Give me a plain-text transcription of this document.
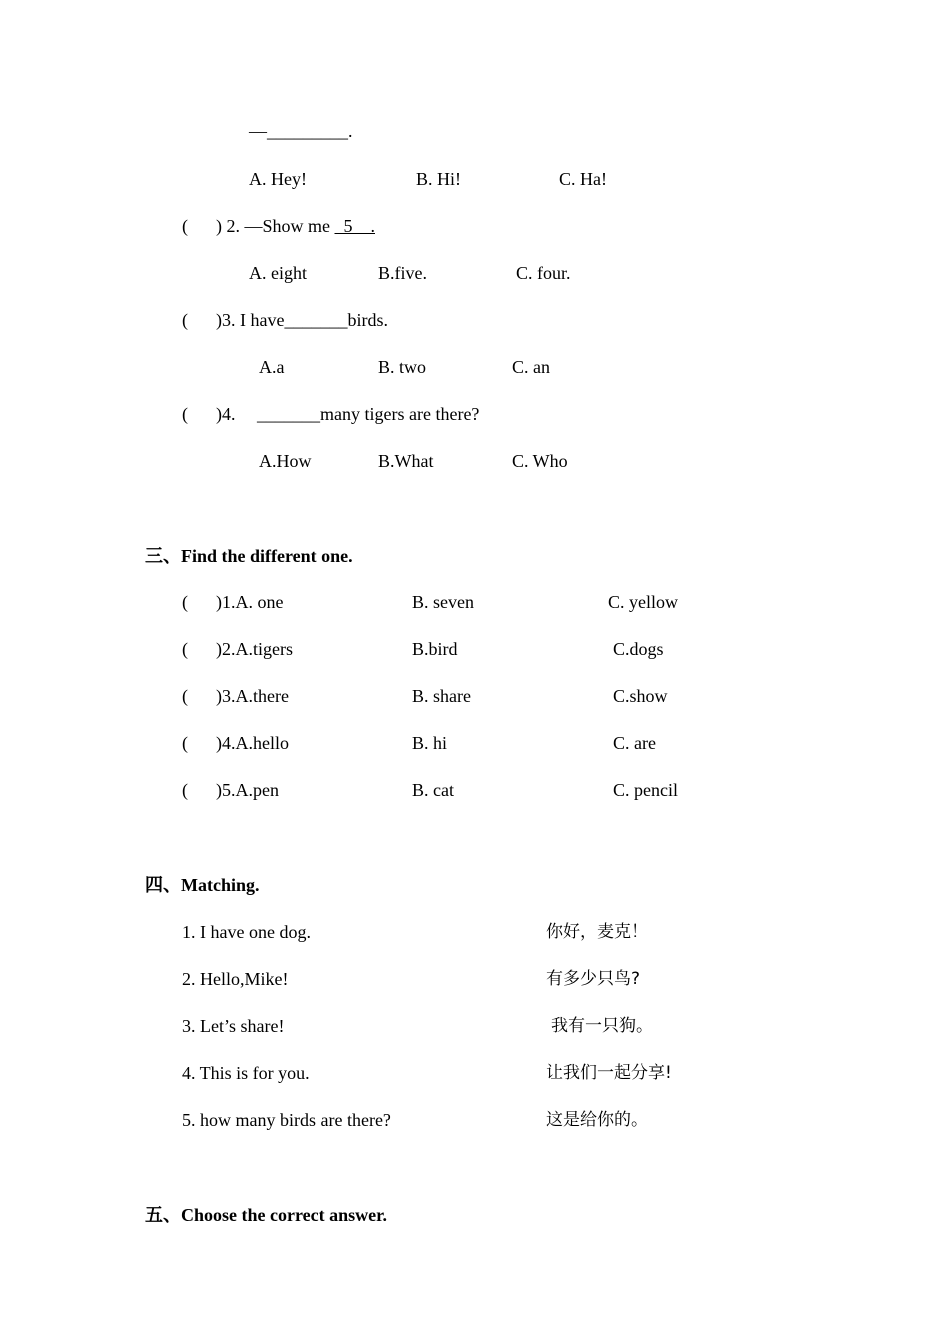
—_________.
A. Hey!	B. Hi!	C. Ha!
( ) 2. —Show me   5    .
A. eight	B.five.	C. four.
( )3. I have_______birds.
A.a	B. two	C. an
( )4. _______many tigers are there?
A.How	B.What	C. Who
三、Find the different one.
( )1.A. one	B. seven	C. yellow
( )2.A.tigers	B.bird	C.dogs
( )3.A.there	B. share	C.show
( )4.A.hello	B. hi	C. are
( )5.A.pen	B. cat	C. pencil
四、Matching.
1. I have one dog.	你好，麦克！
2. Hello,Mike!	有多少只鸟?
3. Let’s share!	我有一只狗。
4. This is for you.	让我们一起分享!
5. how many birds are there?	这是给你的。
五、Choose the correct answer.
